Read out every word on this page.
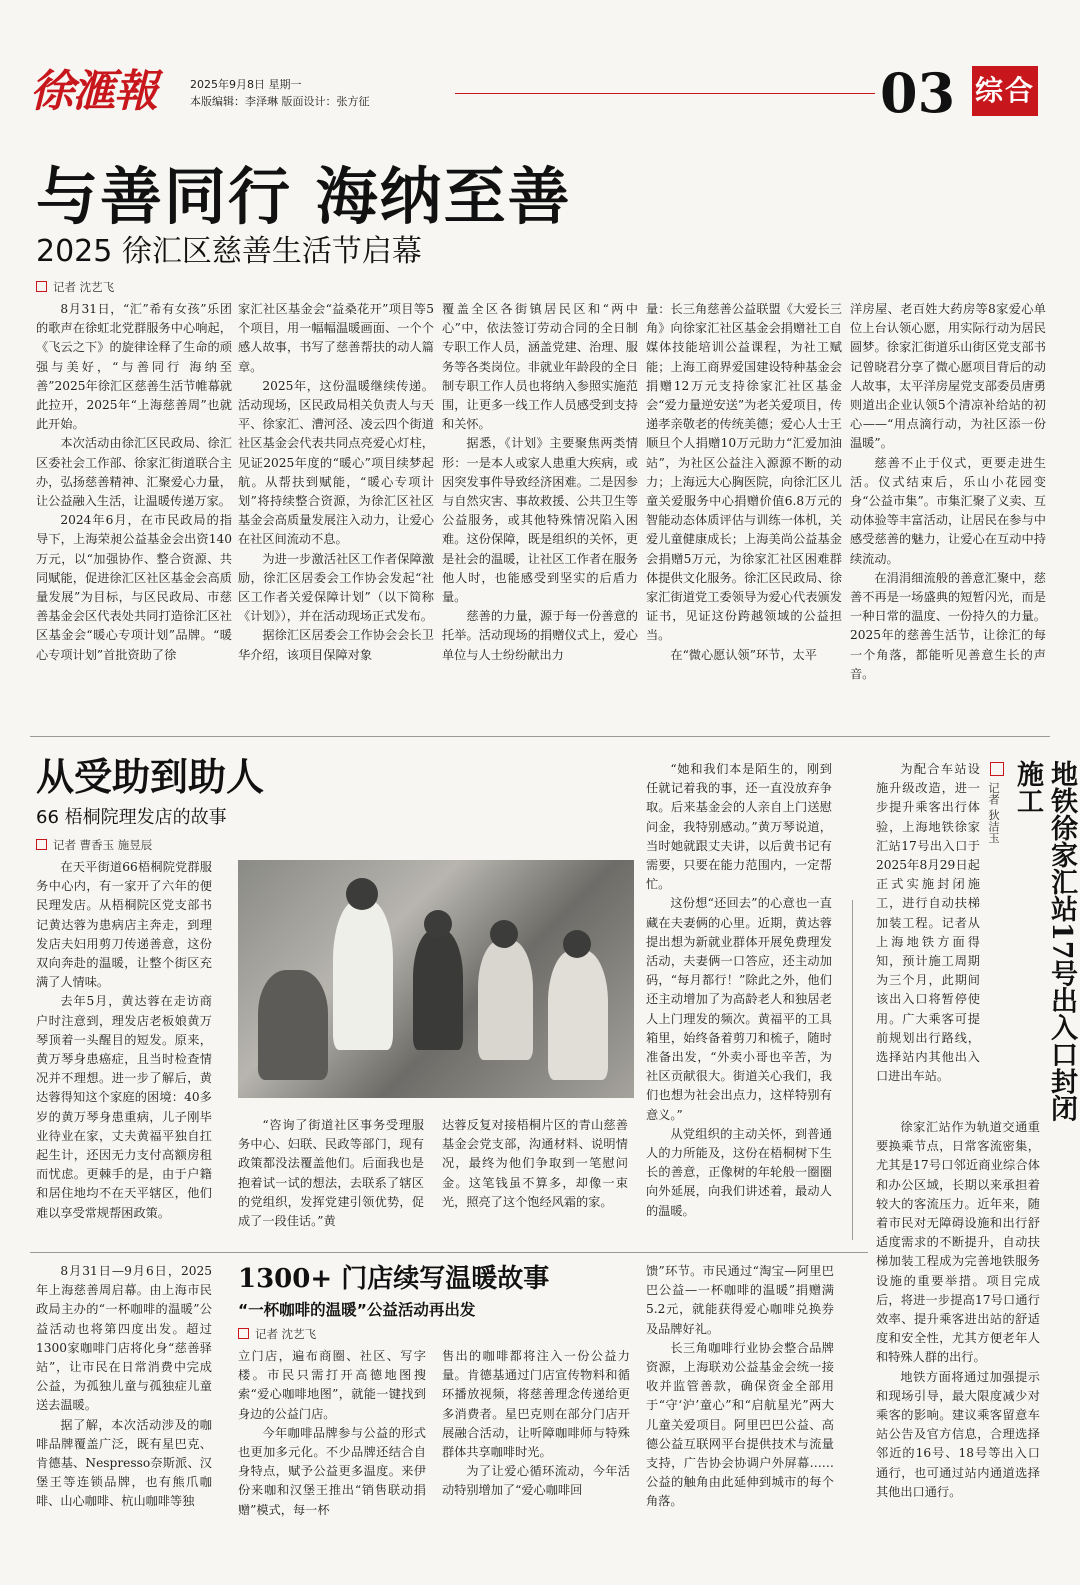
徐滙報	2025年9月8日 星期一
本版编辑：李泽琳 版面设计：张方征	03 综合
与善同行 海纳至善
2025 徐汇区慈善生活节启幕
记者 沈艺飞

8月31日，“汇”希有女孩”乐团的歌声在徐虹北党群服务中心响起，《飞云之下》的旋律诠释了生命的顽强与美好，“与善同行 海纳至善”2025年徐汇区慈善生活节帷幕就此拉开，2025年“上海慈善周”也就此开始。

本次活动由徐汇区民政局、徐汇区委社会工作部、徐家汇街道联合主办，弘扬慈善精神、汇聚爱心力量，让公益融入生活，让温暖传递万家。

2024年6月，在市民政局的指导下，上海荣昶公益基金会出资140万元，以“加强协作、整合资源、共同赋能，促进徐汇区社区基金会高质量发展”为目标，与区民政局、市慈善基金会区代表处共同打造徐汇区社区基金会“暖心专项计划”品牌。“暖心专项计划”首批资助了徐

家汇社区基金会“益桑花开”项目等5个项目，用一幅幅温暖画面、一个个感人故事，书写了慈善帮扶的动人篇章。

2025年，这份温暖继续传递。活动现场，区民政局相关负责人与天平、徐家汇、漕河泾、凌云四个街道社区基金会代表共同点亮爱心灯柱，见证2025年度的“暖心”项目续梦起航。从帮扶到赋能，“暖心专项计划”将持续整合资源，为徐汇区社区基金会高质量发展注入动力，让爱心在社区间流动不息。

为进一步激活社区工作者保障激励，徐汇区居委会工作协会发起“社区工作者关爱保障计划”（以下简称《计划》），并在活动现场正式发布。

据徐汇区居委会工作协会会长卫华介绍，该项目保障对象

覆盖全区各街镇居民区和“两中心”中，依法签订劳动合同的全日制专职工作人员，涵盖党建、治理、服务等各类岗位。非就业年龄段的全日制专职工作人员也将纳入参照实施范围，让更多一线工作人员感受到支持和关怀。

据悉，《计划》主要聚焦两类情形：一是本人或家人患重大疾病，或因突发事件导致经济困难。二是因参与自然灾害、事故救援、公共卫生等公益服务，或其他特殊情况陷入困难。这份保障，既是组织的关怀，更是社会的温暖，让社区工作者在服务他人时，也能感受到坚实的后盾力量。

慈善的力量，源于每一份善意的托举。活动现场的捐赠仪式上，爱心单位与人士纷纷献出力

量：长三角慈善公益联盟《大爱长三角》向徐家汇社区基金会捐赠社工自媒体技能培训公益课程，为社工赋能；上海工商界爱国建设特种基金会捐赠12万元支持徐家汇社区基金会“爱力量逆安送”为老关爱项目，传递孝亲敬老的传统美德；爱心人士王顺旦个人捐赠10万元助力“汇爱加油站”，为社区公益注入源源不断的动力；上海远大心胸医院，向徐汇区儿童关爱服务中心捐赠价值6.8万元的智能动态体质评估与训练一体机，关爱儿童健康成长；上海美尚公益基金会捐赠5万元，为徐家汇社区困难群体提供文化服务。徐汇区民政局、徐家汇街道党工委领导为爱心代表颁发证书，见证这份跨越领域的公益担当。

在“微心愿认领”环节，太平

洋房屋、老百姓大药房等8家爱心单位上台认领心愿，用实际行动为居民圆梦。徐家汇街道乐山街区党支部书记曾晓君分享了微心愿项目背后的动人故事，太平洋房屋党支部委员唐勇则道出企业认领5个清凉补给站的初心——“用点滴行动，为社区添一份温暖”。

慈善不止于仪式，更要走进生活。仪式结束后，乐山小花园变身“公益市集”。市集汇聚了义卖、互动体验等丰富活动，让居民在参与中感受慈善的魅力，让爱心在互动中持续流动。

在涓涓细流般的善意汇聚中，慈善不再是一场盛典的短暂闪光，而是一种日常的温度、一份持久的力量。2025年的慈善生活节，让徐汇的每一个角落，都能听见善意生长的声音。

从受助到助人
66 梧桐院理发店的故事
记者 曹香玉 施昱辰

在天平街道66梧桐院党群服务中心内，有一家开了六年的便民理发店。从梧桐院区党支部书记黄达蓉为患病店主奔走，到理发店夫妇用剪刀传递善意，这份双向奔赴的温暖，让整个街区充满了人情味。

去年5月，黄达蓉在走访商户时注意到，理发店老板娘黄万琴顶着一头醒目的短发。原来，黄万琴身患癌症，且当时检查情况并不理想。进一步了解后，黄达蓉得知这个家庭的困境：40多岁的黄万琴身患重病，儿子刚毕业待业在家，丈夫黄福平独自扛起生计，还因无力支付高额房租而忧虑。更棘手的是，由于户籍和居住地均不在天平辖区，他们难以享受常规帮困政策。

“咨询了街道社区事务受理服务中心、妇联、民政等部门，现有政策都没法覆盖他们。后面我也是抱着试一试的想法，去联系了辖区的党组织，发挥党建引领优势，促成了一段佳话。”黄

达蓉反复对接梧桐片区的青山慈善基金会党支部，沟通材料、说明情况，最终为他们争取到一笔慰问金。这笔钱虽不算多，却像一束光，照亮了这个饱经风霜的家。

“她和我们本是陌生的，刚到任就记着我的事，还一直没放弃争取。后来基金会的人亲自上门送慰问金，我特别感动。”黄万琴说道，当时她就跟丈夫讲，以后黄书记有需要，只要在能力范围内，一定帮忙。

这份想“还回去”的心意也一直藏在夫妻俩的心里。近期，黄达蓉提出想为新就业群体开展免费理发活动，夫妻俩一口答应，还主动加码，“每月都行！”除此之外，他们还主动增加了为高龄老人和独居老人上门理发的频次。黄福平的工具箱里，始终备着剪刀和梳子，随时准备出发，“外卖小哥也辛苦，为社区贡献很大。街道关心我们，我们也想为社会出点力，这样特别有意义。”

从党组织的主动关怀，到普通人的力所能及，这份在梧桐树下生长的善意，正像树的年轮般一圈圈向外延展，向我们讲述着，最动人的温暖。

地铁徐家汇站17号出入口封闭施工
记者 狄洁玉

为配合车站设施升级改造，进一步提升乘客出行体验，上海地铁徐家汇站17号出入口于2025年8月29日起正式实施封闭施工，进行自动扶梯加装工程。记者从上海地铁方面得知，预计施工周期为三个月，此期间该出入口将暂停使用。广大乘客可提前规划出行路线，选择站内其他出入口进出车站。

徐家汇站作为轨道交通重要换乘节点，日常客流密集，尤其是17号口邻近商业综合体和办公区域，长期以来承担着较大的客流压力。近年来，随着市民对无障碍设施和出行舒适度需求的不断提升，自动扶梯加装工程成为完善地铁服务设施的重要举措。项目完成后，将进一步提高17号口通行效率、提升乘客进出站的舒适度和安全性，尤其方便老年人和特殊人群的出行。

地铁方面将通过加强提示和现场引导，最大限度减少对乘客的影响。建议乘客留意车站公告及官方信息，合理选择邻近的16号、18号等出入口通行，也可通过站内通道选择其他出口通行。

8月31日—9月6日，2025年上海慈善周启幕。由上海市民政局主办的“一杯咖啡的温暖”公益活动也将第四度出发。超过1300家咖啡门店将化身“慈善驿站”，让市民在日常消费中完成公益，为孤独儿童与孤独症儿童送去温暖。

据了解，本次活动涉及的咖啡品牌覆盖广泛，既有星巴克、肯德基、Nespresso奈斯派、汉堡王等连锁品牌，也有熊爪咖啡、山心咖啡、杭山咖啡等独

1300+ 门店续写温暖故事
“一杯咖啡的温暖”公益活动再出发
记者 沈艺飞

立门店，遍布商圈、社区、写字楼。市民只需打开高德地图搜索“爱心咖啡地图”，就能一键找到身边的公益门店。

今年咖啡品牌参与公益的形式也更加多元化。不少品牌还结合自身特点，赋予公益更多温度。来伊份来咖和汉堡王推出“销售联动捐赠”模式，每一杯

售出的咖啡都将注入一份公益力量。肯德基通过门店宣传物料和循环播放视频，将慈善理念传递给更多消费者。星巴克则在部分门店开展融合活动，让听障咖啡师与特殊群体共享咖啡时光。

为了让爱心循环流动，今年活动特别增加了“爱心咖啡回

馈”环节。市民通过“淘宝—阿里巴巴公益—一杯咖啡的温暖”捐赠满5.2元，就能获得爱心咖啡兑换券及品牌好礼。

长三角咖啡行业协会整合品牌资源，上海联劝公益基金会统一接收并监管善款，确保资金全部用于“守‘沪’童心”和“启航星光”两大儿童关爱项目。阿里巴巴公益、高德公益互联网平台提供技术与流量支持，广告协会协调户外屏幕……公益的触角由此延伸到城市的每个角落。
